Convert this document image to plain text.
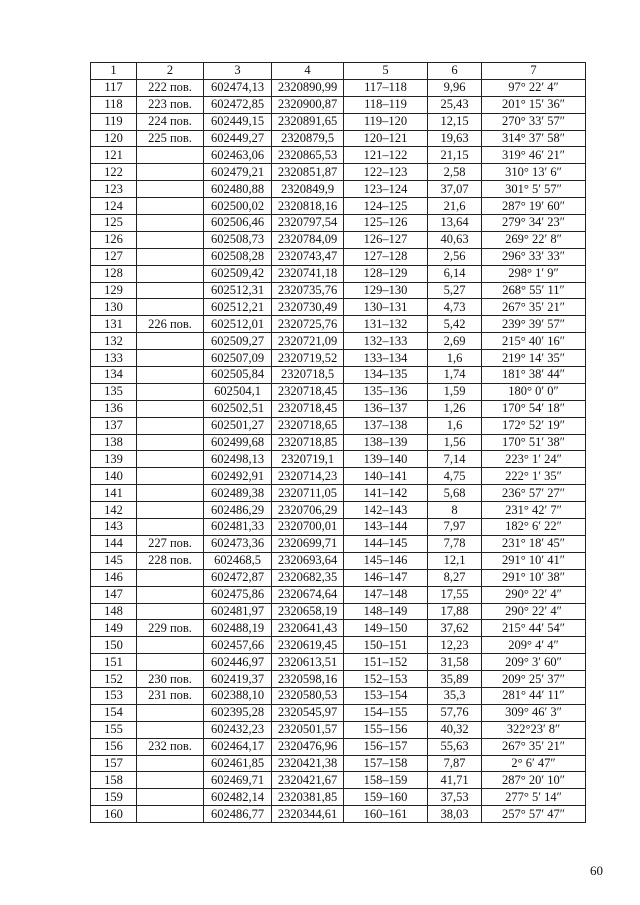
1	2	3	4	5	6	7
117	222 пов.	602474,13	2320890,99	117–118	9,96	97° 22′ 4″
118	223 пов.	602472,85	2320900,87	118–119	25,43	201° 15′ 36″
119	224 пов.	602449,15	2320891,65	119–120	12,15	270° 33′ 57″
120	225 пов.	602449,27	2320879,5	120–121	19,63	314° 37′ 58″
121		602463,06	2320865,53	121–122	21,15	319° 46′ 21″
122		602479,21	2320851,87	122–123	2,58	310° 13′ 6″
123		602480,88	2320849,9	123–124	37,07	301° 5′ 57″
124		602500,02	2320818,16	124–125	21,6	287° 19′ 60″
125		602506,46	2320797,54	125–126	13,64	279° 34′ 23″
126		602508,73	2320784,09	126–127	40,63	269° 22′ 8″
127		602508,28	2320743,47	127–128	2,56	296° 33′ 33″
128		602509,42	2320741,18	128–129	6,14	298° 1′ 9″
129		602512,31	2320735,76	129–130	5,27	268° 55′ 11″
130		602512,21	2320730,49	130–131	4,73	267° 35′ 21″
131	226 пов.	602512,01	2320725,76	131–132	5,42	239° 39′ 57″
132		602509,27	2320721,09	132–133	2,69	215° 40′ 16″
133		602507,09	2320719,52	133–134	1,6	219° 14′ 35″
134		602505,84	2320718,5	134–135	1,74	181° 38′ 44″
135		602504,1	2320718,45	135–136	1,59	180° 0′ 0″
136		602502,51	2320718,45	136–137	1,26	170° 54′ 18″
137		602501,27	2320718,65	137–138	1,6	172° 52′ 19″
138		602499,68	2320718,85	138–139	1,56	170° 51′ 38″
139		602498,13	2320719,1	139–140	7,14	223° 1′ 24″
140		602492,91	2320714,23	140–141	4,75	222° 1′ 35″
141		602489,38	2320711,05	141–142	5,68	236° 57′ 27″
142		602486,29	2320706,29	142–143	8	231° 42′ 7″
143		602481,33	2320700,01	143–144	7,97	182° 6′ 22″
144	227 пов.	602473,36	2320699,71	144–145	7,78	231° 18′ 45″
145	228 пов.	602468,5	2320693,64	145–146	12,1	291° 10′ 41″
146		602472,87	2320682,35	146–147	8,27	291° 10′ 38″
147		602475,86	2320674,64	147–148	17,55	290° 22′ 4″
148		602481,97	2320658,19	148–149	17,88	290° 22′ 4″
149	229 пов.	602488,19	2320641,43	149–150	37,62	215° 44′ 54″
150		602457,66	2320619,45	150–151	12,23	209° 4′ 4″
151		602446,97	2320613,51	151–152	31,58	209° 3′ 60″
152	230 пов.	602419,37	2320598,16	152–153	35,89	209° 25′ 37″
153	231 пов.	602388,10	2320580,53	153–154	35,3	281° 44′ 11″
154		602395,28	2320545,97	154–155	57,76	309° 46′ 3″
155		602432,23	2320501,57	155–156	40,32	322°23′ 8″
156	232 пов.	602464,17	2320476,96	156–157	55,63	267° 35′ 21″
157		602461,85	2320421,38	157–158	7,87	2° 6′ 47″
158		602469,71	2320421,67	158–159	41,71	287° 20′ 10″
159		602482,14	2320381,85	159–160	37,53	277° 5′ 14″
160		602486,77	2320344,61	160–161	38,03	257° 57′ 47″
60
